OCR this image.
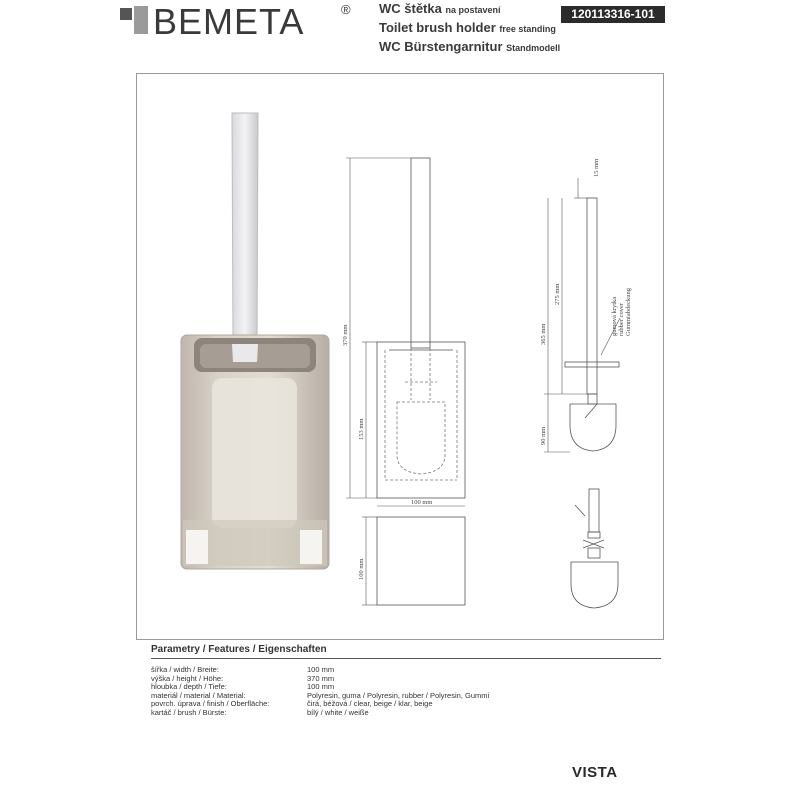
BEMETA	® WC štětka na postavení
Toilet brush holder free standing
WC Bürstengarnitur Standmodell
120113316-101
370 mm
153 mm
100 mm
100 mm
15 mm
275 mm
365 mm
90 mm
gumová krytka rubber cover Gummiabdeckung
Parametry / Features / Eigenschaften
šířka / width / Breite:	100 mm
výška / height / Höhe:	370 mm
hloubka / depth / Tiefe:	100 mm
materiál / material / Material:	Polyresin, guma / Polyresin, rubber / Polyresin, Gummi
povrch. úprava / finish / Oberfläche:	čirá, béžová / clear, beige / klar, beige
kartáč / brush / Bürste:	bílý / white / weiße
VISTA
